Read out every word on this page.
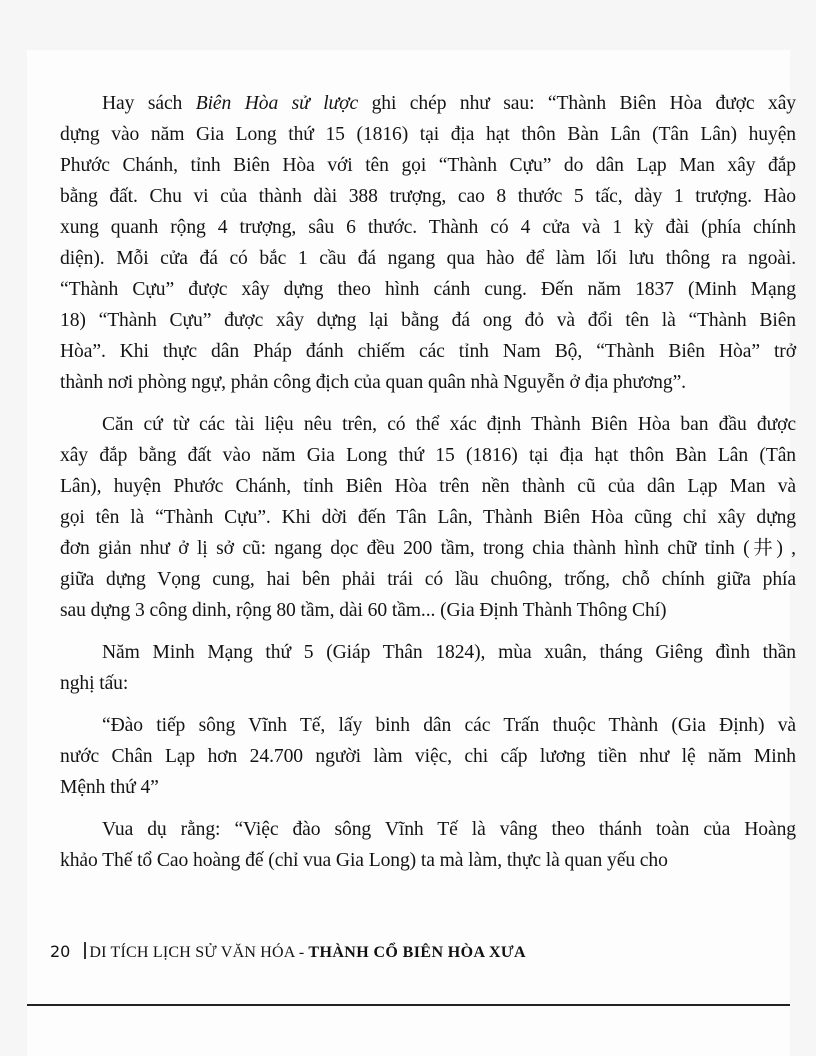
Hay sách Biên Hòa sử lược ghi chép như sau: “Thành Biên Hòa được xây
dựng vào năm Gia Long thứ 15 (1816) tại địa hạt thôn Bàn Lân (Tân Lân) huyện
Phước Chánh, tỉnh Biên Hòa với tên gọi “Thành Cựu” do dân Lạp Man xây đắp
bằng đất. Chu vi của thành dài 388 trượng, cao 8 thước 5 tấc, dày 1 trượng. Hào
xung quanh rộng 4 trượng, sâu 6 thước. Thành có 4 cửa và 1 kỳ đài (phía chính
diện). Mỗi cửa đá có bắc 1 cầu đá ngang qua hào để làm lối lưu thông ra ngoài.
“Thành Cựu” được xây dựng theo hình cánh cung. Đến năm 1837 (Minh Mạng
18) “Thành Cựu” được xây dựng lại bằng đá ong đỏ và đổi tên là “Thành Biên
Hòa”. Khi thực dân Pháp đánh chiếm các tỉnh Nam Bộ, “Thành Biên Hòa” trở
thành nơi phòng ngự, phản công địch của quan quân nhà Nguyễn ở địa phương”.
Căn cứ từ các tài liệu nêu trên, có thể xác định Thành Biên Hòa ban đầu được
xây đắp bằng đất vào năm Gia Long thứ 15 (1816) tại địa hạt thôn Bàn Lân (Tân
Lân), huyện Phước Chánh, tỉnh Biên Hòa trên nền thành cũ của dân Lạp Man và
gọi tên là “Thành Cựu”. Khi dời đến Tân Lân, Thành Biên Hòa cũng chỉ xây dựng
đơn giản như ở lị sở cũ: ngang dọc đều 200 tầm, trong chia thành hình chữ tỉnh (井) ,
giữa dựng Vọng cung, hai bên phải trái có lầu chuông, trống, chỗ chính giữa phía
sau dựng 3 công dinh, rộng 80 tầm, dài 60 tầm... (Gia Định Thành Thông Chí)
Năm Minh Mạng thứ 5 (Giáp Thân 1824), mùa xuân, tháng Giêng đình thần
nghị tấu:
“Đào tiếp sông Vĩnh Tế, lấy binh dân các Trấn thuộc Thành (Gia Định) và
nước Chân Lạp hơn 24.700 người làm việc, chi cấp lương tiền như lệ năm Minh
Mệnh thứ 4”
Vua dụ rằng: “Việc đào sông Vĩnh Tế là vâng theo thánh toàn của Hoàng
khảo Thế tổ Cao hoàng đế (chỉ vua Gia Long) ta mà làm, thực là quan yếu cho
20 DI TÍCH LỊCH SỬ VĂN HÓA - THÀNH CỔ BIÊN HÒA XƯA
